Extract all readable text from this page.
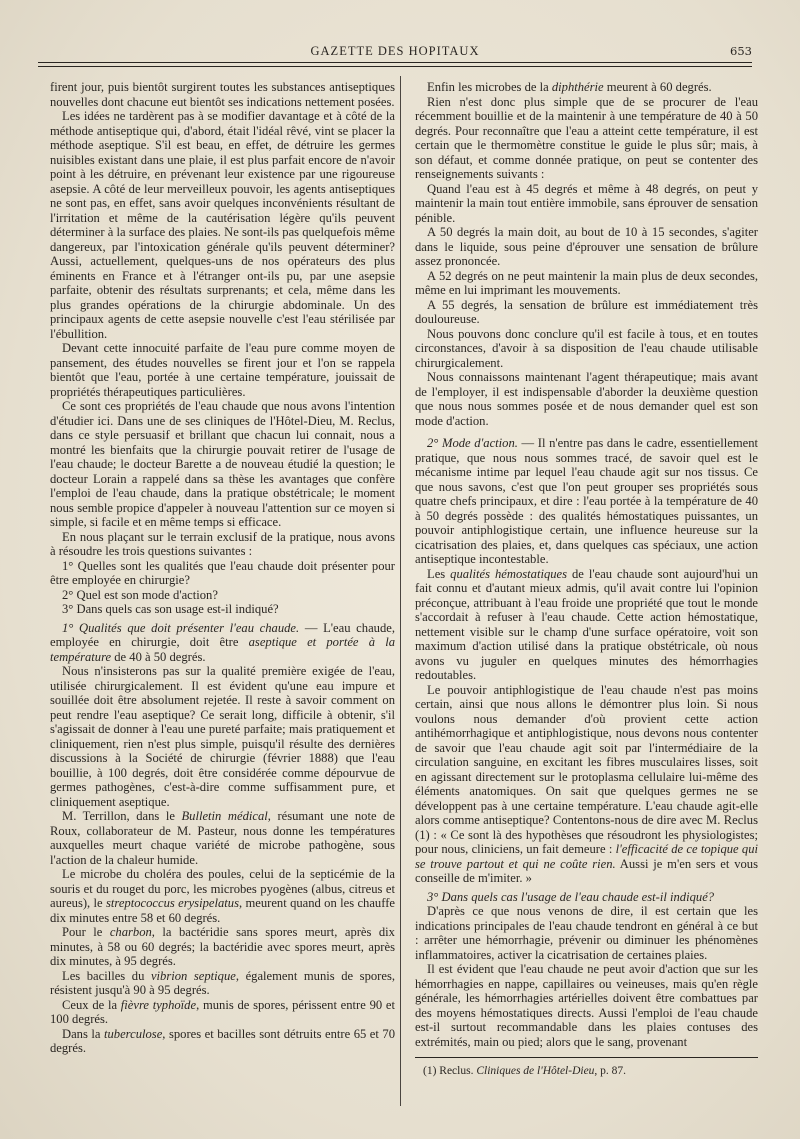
GAZETTE DES HOPITAUX	653

firent jour, puis bientôt surgirent toutes les substances antiseptiques nouvelles dont chacune eut bientôt ses indications nettement posées.

Les idées ne tardèrent pas à se modifier davantage et à côté de la méthode antiseptique qui, d'abord, était l'idéal rêvé, vint se placer la méthode aseptique. S'il est beau, en effet, de détruire les germes nuisibles existant dans une plaie, il est plus parfait encore de n'avoir point à les détruire, en prévenant leur existence par une rigoureuse asepsie. A côté de leur merveilleux pouvoir, les agents antiseptiques ne sont pas, en effet, sans avoir quelques inconvénients résultant de l'irritation et même de la cautérisation légère qu'ils peuvent déterminer à la surface des plaies. Ne sont-ils pas quelquefois même dangereux, par l'intoxication générale qu'ils peuvent déterminer? Aussi, actuellement, quelques-uns de nos opérateurs des plus éminents en France et à l'étranger ont-ils pu, par une asepsie parfaite, obtenir des résultats surprenants; et cela, même dans les plus grandes opérations de la chirurgie abdominale. Un des principaux agents de cette asepsie nouvelle c'est l'eau stérilisée par l'ébullition.

Devant cette innocuité parfaite de l'eau pure comme moyen de pansement, des études nouvelles se firent jour et l'on se rappela bientôt que l'eau, portée à une certaine température, jouissait de propriétés thérapeutiques particulières.

Ce sont ces propriétés de l'eau chaude que nous avons l'intention d'étudier ici. Dans une de ses cliniques de l'Hôtel-Dieu, M. Reclus, dans ce style persuasif et brillant que chacun lui connait, nous a montré les bienfaits que la chirurgie pouvait retirer de l'usage de l'eau chaude; le docteur Barette a de nouveau étudié la question; le docteur Lorain a rappelé dans sa thèse les avantages que confère l'emploi de l'eau chaude, dans la pratique obstétricale; le moment nous semble propice d'appeler à nouveau l'attention sur ce moyen si simple, si facile et en même temps si efficace.

En nous plaçant sur le terrain exclusif de la pratique, nous avons à résoudre les trois questions suivantes :

1° Quelles sont les qualités que l'eau chaude doit présenter pour être employée en chirurgie?

2° Quel est son mode d'action?

3° Dans quels cas son usage est-il indiqué?

1° Qualités que doit présenter l'eau chaude. — L'eau chaude, employée en chirurgie, doit être aseptique et portée à la température de 40 à 50 degrés.

Nous n'insisterons pas sur la qualité première exigée de l'eau, utilisée chirurgicalement. Il est évident qu'une eau impure et souillée doit être absolument rejetée. Il reste à savoir comment on peut rendre l'eau aseptique? Ce serait long, difficile à obtenir, s'il s'agissait de donner à l'eau une pureté parfaite; mais pratiquement et cliniquement, rien n'est plus simple, puisqu'il résulte des dernières discussions à la Société de chirurgie (février 1888) que l'eau bouillie, à 100 degrés, doit être considérée comme dépourvue de germes pathogènes, c'est-à-dire comme suffisamment pure, et cliniquement aseptique.

M. Terrillon, dans le Bulletin médical, résumant une note de Roux, collaborateur de M. Pasteur, nous donne les températures auxquelles meurt chaque variété de microbe pathogène, sous l'action de la chaleur humide.

Le microbe du choléra des poules, celui de la septicémie de la souris et du rouget du porc, les microbes pyogènes (albus, citreus et aureus), le streptococcus erysipelatus, meurent quand on les chauffe dix minutes entre 58 et 60 degrés.

Pour le charbon, la bactéridie sans spores meurt, après dix minutes, à 58 ou 60 degrés; la bactéridie avec spores meurt, après dix minutes, à 95 degrés.

Les bacilles du vibrion septique, également munis de spores, résistent jusqu'à 90 à 95 degrés.

Ceux de la fièvre typhoïde, munis de spores, périssent entre 90 et 100 degrés.

Dans la tuberculose, spores et bacilles sont détruits entre 65 et 70 degrés.

Enfin les microbes de la diphthérie meurent à 60 degrés.

Rien n'est donc plus simple que de se procurer de l'eau récemment bouillie et de la maintenir à une température de 40 à 50 degrés. Pour reconnaître que l'eau a atteint cette température, il est certain que le thermomètre constitue le guide le plus sûr; mais, à son défaut, et comme donnée pratique, on peut se contenter des renseignements suivants :

Quand l'eau est à 45 degrés et même à 48 degrés, on peut y maintenir la main tout entière immobile, sans éprouver de sensation pénible.

A 50 degrés la main doit, au bout de 10 à 15 secondes, s'agiter dans le liquide, sous peine d'éprouver une sensation de brûlure assez prononcée.

A 52 degrés on ne peut maintenir la main plus de deux secondes, même en lui imprimant les mouvements.

A 55 degrés, la sensation de brûlure est immédiatement très douloureuse.

Nous pouvons donc conclure qu'il est facile à tous, et en toutes circonstances, d'avoir à sa disposition de l'eau chaude utilisable chirurgicalement.

Nous connaissons maintenant l'agent thérapeutique; mais avant de l'employer, il est indispensable d'aborder la deuxième question que nous nous sommes posée et de nous demander quel est son mode d'action.

2° Mode d'action. — Il n'entre pas dans le cadre, essentiellement pratique, que nous nous sommes tracé, de savoir quel est le mécanisme intime par lequel l'eau chaude agit sur nos tissus. Ce que nous savons, c'est que l'on peut grouper ses propriétés sous quatre chefs principaux, et dire : l'eau portée à la température de 40 à 50 degrés possède : des qualités hémostatiques puissantes, un pouvoir antiphlogistique certain, une influence heureuse sur la cicatrisation des plaies, et, dans quelques cas spéciaux, une action antiseptique incontestable.

Les qualités hémostatiques de l'eau chaude sont aujourd'hui un fait connu et d'autant mieux admis, qu'il avait contre lui l'opinion préconçue, attribuant à l'eau froide une propriété que tout le monde s'accordait à refuser à l'eau chaude. Cette action hémostatique, nettement visible sur le champ d'une surface opératoire, voit son maximum d'action utilisé dans la pratique obstétricale, où nous avons vu juguler en quelques minutes des hémorrhagies redoutables.

Le pouvoir antiphlogistique de l'eau chaude n'est pas moins certain, ainsi que nous allons le démontrer plus loin. Si nous voulons nous demander d'où provient cette action antihémorrhagique et antiphlogistique, nous devons nous contenter de savoir que l'eau chaude agit soit par l'intermédiaire de la circulation sanguine, en excitant les fibres musculaires lisses, soit en agissant directement sur le protoplasma cellulaire lui-même des éléments anatomiques. On sait que quelques germes ne se développent pas à une certaine température. L'eau chaude agit-elle alors comme antiseptique? Contentons-nous de dire avec M. Reclus (1) : « Ce sont là des hypothèses que résoudront les physiologistes; pour nous, cliniciens, un fait demeure : l'efficacité de ce topique qui se trouve partout et qui ne coûte rien. Aussi je m'en sers et vous conseille de m'imiter. »

3° Dans quels cas l'usage de l'eau chaude est-il indiqué?

D'après ce que nous venons de dire, il est certain que les indications principales de l'eau chaude tendront en général à ce but : arrêter une hémorrhagie, prévenir ou diminuer les phénomènes inflammatoires, activer la cicatrisation de certaines plaies.

Il est évident que l'eau chaude ne peut avoir d'action que sur les hémorrhagies en nappe, capillaires ou veineuses, mais qu'en règle générale, les hémorrhagies artérielles doivent être combattues par des moyens hémostatiques directs. Aussi l'emploi de l'eau chaude est-il surtout recommandable dans les plaies contuses des extrémités, main ou pied; alors que le sang, provenant

(1) Reclus. Cliniques de l'Hôtel-Dieu, p. 87.
